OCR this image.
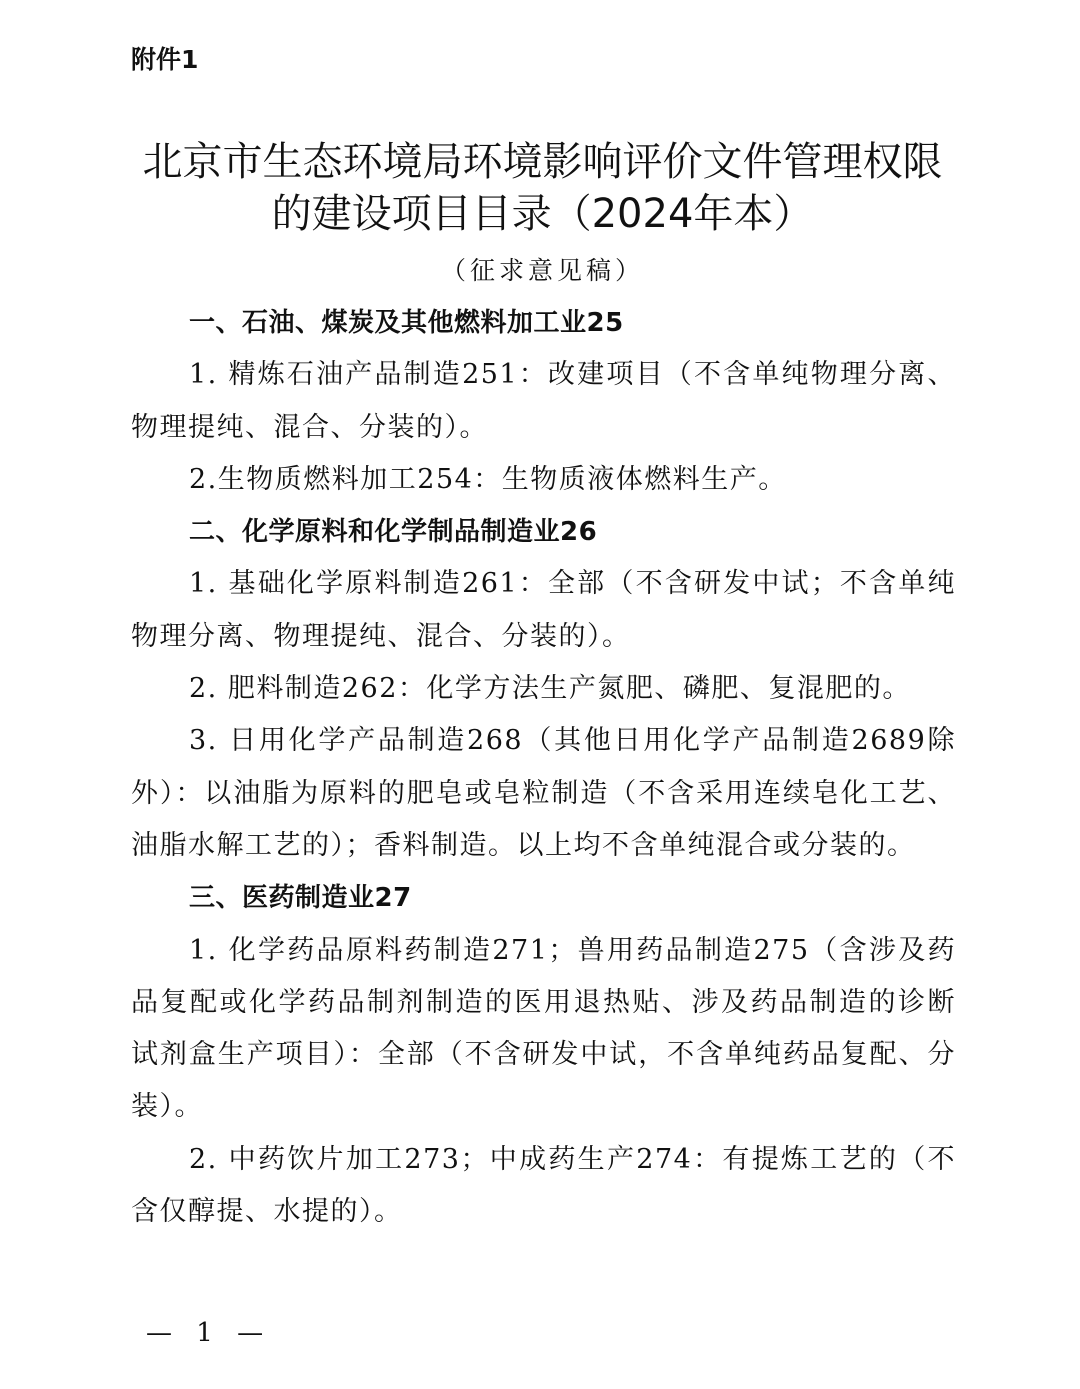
附件1
北京市生态环境局环境影响评价文件管理权限
的建设项目目录（2024年本）
（征求意见稿）

一、石油、煤炭及其他燃料加工业25

1. 精炼石油产品制造251：改建项目（不含单纯物理分离、物理提纯、混合、分装的）。

2.生物质燃料加工254：生物质液体燃料生产。

二、化学原料和化学制品制造业26

1. 基础化学原料制造261：全部（不含研发中试；不含单纯物理分离、物理提纯、混合、分装的）。

2. 肥料制造262：化学方法生产氮肥、磷肥、复混肥的。

3. 日用化学产品制造268（其他日用化学产品制造2689除外）：以油脂为原料的肥皂或皂粒制造（不含采用连续皂化工艺、油脂水解工艺的）；香料制造。以上均不含单纯混合或分装的。

三、医药制造业27

1. 化学药品原料药制造271；兽用药品制造275（含涉及药品复配或化学药品制剂制造的医用退热贴、涉及药品制造的诊断试剂盒生产项目）：全部（不含研发中试，不含单纯药品复配、分装）。

2. 中药饮片加工273；中成药生产274：有提炼工艺的（不含仅醇提、水提的）。

— 1 —
